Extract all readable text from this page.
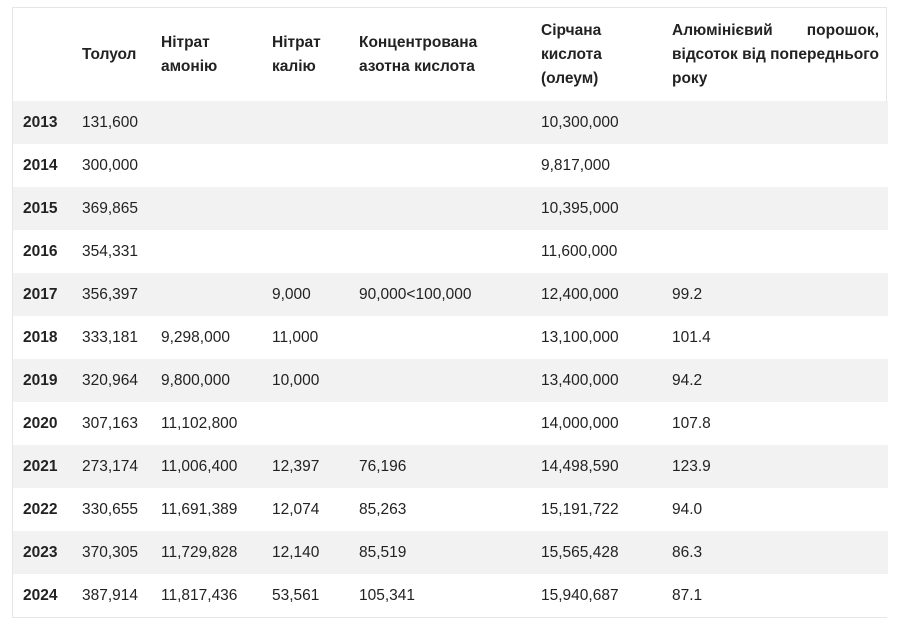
	Толуол	Нітрат амонію	Нітрат калію	Концентрована азотна кислота	Сірчана кислота (олеум)	Алюмінієвий порошок, відсоток від попереднього року
2013	131,600				10,300,000	
2014	300,000				9,817,000	
2015	369,865				10,395,000	
2016	354,331				11,600,000	
2017	356,397		9,000	90,000<100,000	12,400,000	99.2
2018	333,181	9,298,000	11,000		13,100,000	101.4
2019	320,964	9,800,000	10,000		13,400,000	94.2
2020	307,163	11,102,800			14,000,000	107.8
2021	273,174	11,006,400	12,397	76,196	14,498,590	123.9
2022	330,655	11,691,389	12,074	85,263	15,191,722	94.0
2023	370,305	11,729,828	12,140	85,519	15,565,428	86.3
2024	387,914	11,817,436	53,561	105,341	15,940,687	87.1
